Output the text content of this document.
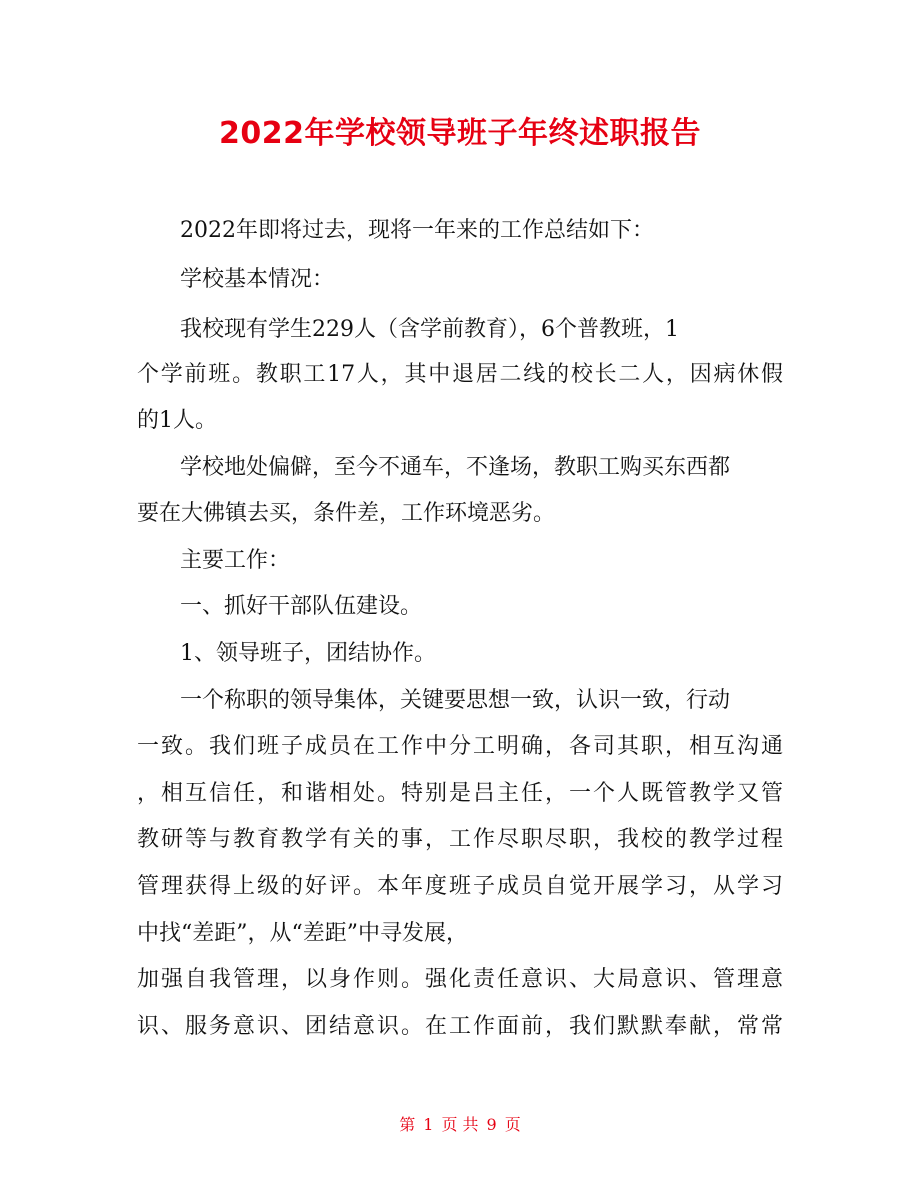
2022年学校领导班子年终述职报告
2022年即将过去，现将一年来的工作总结如下：
学校基本情况：
我校现有学生229人（含学前教育），6个普教班，1
个学前班。教职工17人，其中退居二线的校长二人，因病休假
的1人。
学校地处偏僻，至今不通车，不逢场，教职工购买东西都
要在大佛镇去买，条件差，工作环境恶劣。
主要工作：
一、抓好干部队伍建设。
1、领导班子，团结协作。
一个称职的领导集体，关键要思想一致，认识一致，行动
一致。我们班子成员在工作中分工明确，各司其职，相互沟通
，相互信任，和谐相处。特别是吕主任，一个人既管教学又管
教研等与教育教学有关的事，工作尽职尽职，我校的教学过程
管理获得上级的好评。本年度班子成员自觉开展学习，从学习
中找“差距”，从“差距”中寻发展，
加强自我管理，以身作则。强化责任意识、大局意识、管理意
识、服务意识、团结意识。在工作面前，我们默默奉献，常常
第 1 页 共 9 页
